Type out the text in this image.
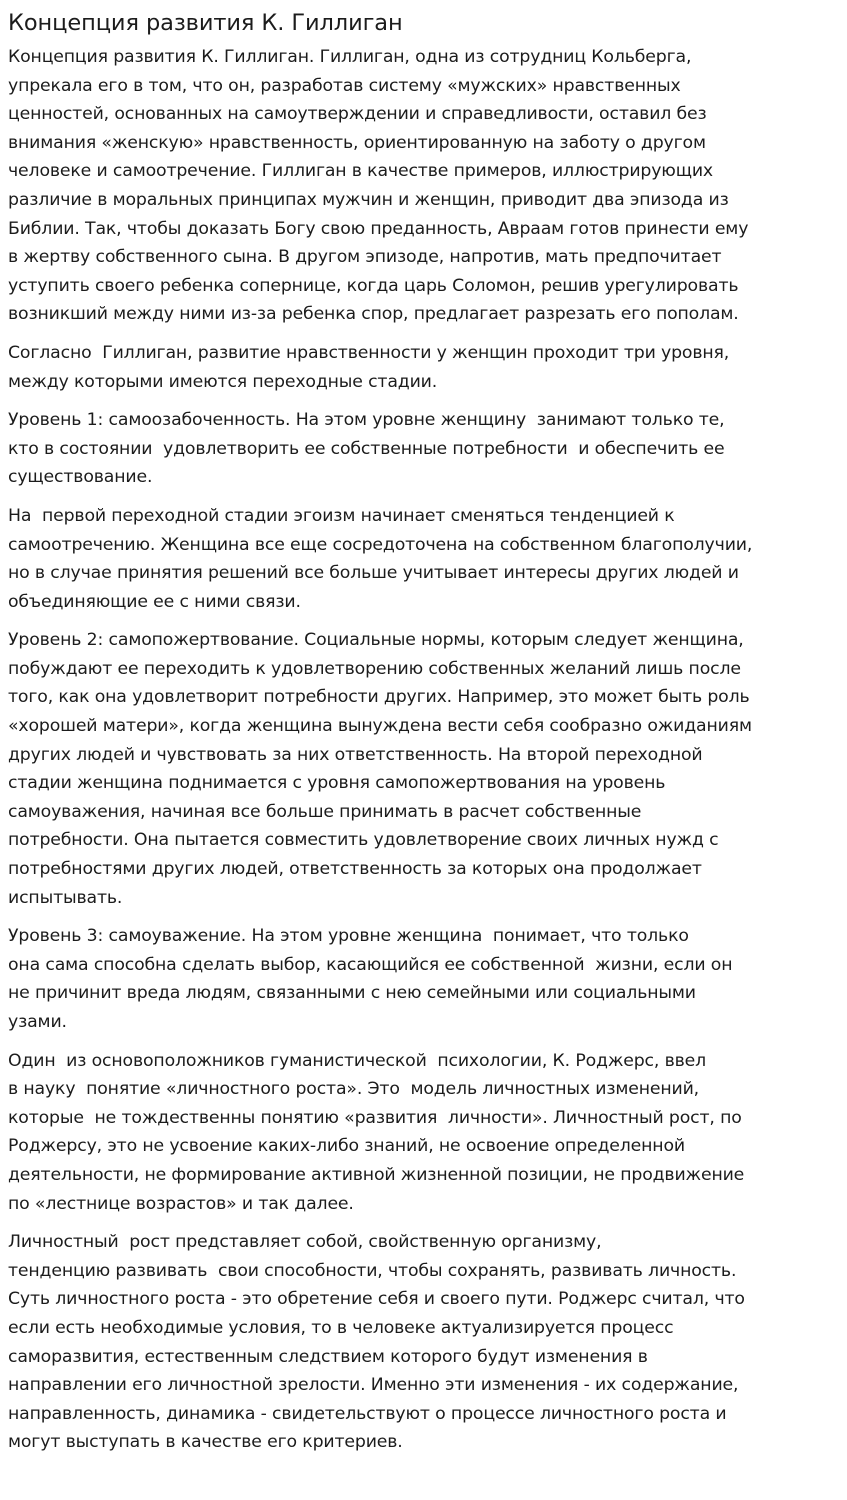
Концепция развития К. Гиллиган

Концепция развития К. Гиллиган. Гиллиган, одна из сотрудниц Кольберга,
упрекала его в том, что он, разработав систему «мужских» нравственных
ценностей, основанных на самоутверждении и справедливости, оставил без
внимания «женскую» нравственность, ориентированную на заботу о другом
человеке и самоотречение. Гиллиган в качестве примеров, иллюстрирующих
различие в моральных принципах мужчин и женщин, приводит два эпизода из
Библии. Так, чтобы доказать Богу свою преданность, Авраам готов принести ему
в жертву собственного сына. В другом эпизоде, напротив, мать предпочитает
уступить своего ребенка сопернице, когда царь Соломон, решив урегулировать
возникший между ними из-за ребенка спор, предлагает разрезать его пополам.

Согласно  Гиллиган, развитие нравственности у женщин проходит три уровня,
между которыми имеются переходные стадии.

Уровень 1: самоозабоченность. На этом уровне женщину  занимают только те,
кто в состоянии  удовлетворить ее собственные потребности  и обеспечить ее
существование.

На  первой переходной стадии эгоизм начинает сменяться тенденцией к
самоотречению. Женщина все еще сосредоточена на собственном благополучии,
но в случае принятия решений все больше учитывает интересы других людей и
объединяющие ее с ними связи.

Уровень 2: самопожертвование. Социальные нормы, которым следует женщина,
побуждают ее переходить к удовлетворению собственных желаний лишь после
того, как она удовлетворит потребности других. Например, это может быть роль
«хорошей матери», когда женщина вынуждена вести себя сообразно ожиданиям
других людей и чувствовать за них ответственность. На второй переходной
стадии женщина поднимается с уровня самопожертвования на уровень
самоуважения, начиная все больше принимать в расчет собственные
потребности. Она пытается совместить удовлетворение своих личных нужд с
потребностями других людей, ответственность за которых она продолжает
испытывать.

Уровень 3: самоуважение. На этом уровне женщина  понимает, что только
она сама способна сделать выбор, касающийся ее собственной  жизни, если он
не причинит вреда людям, связанными с нею семейными или социальными
узами.

Один  из основоположников гуманистической  психологии, К. Роджерс, ввел
в науку  понятие «личностного роста». Это  модель личностных изменений,
которые  не тождественны понятию «развития  личности». Личностный рост, по
Роджерсу, это не усвоение каких-либо знаний, не освоение определенной
деятельности, не формирование активной жизненной позиции, не продвижение
по «лестнице возрастов» и так далее.

Личностный  рост представляет собой, свойственную организму,
тенденцию развивать  свои способности, чтобы сохранять, развивать личность.
Суть личностного роста - это обретение себя и своего пути. Роджерс считал, что
если есть необходимые условия, то в человеке актуализируется процесс
саморазвития, естественным следствием которого будут изменения в
направлении его личностной зрелости. Именно эти изменения - их содержание,
направленность, динамика - свидетельствуют о процессе личностного роста и
могут выступать в качестве его критериев.
